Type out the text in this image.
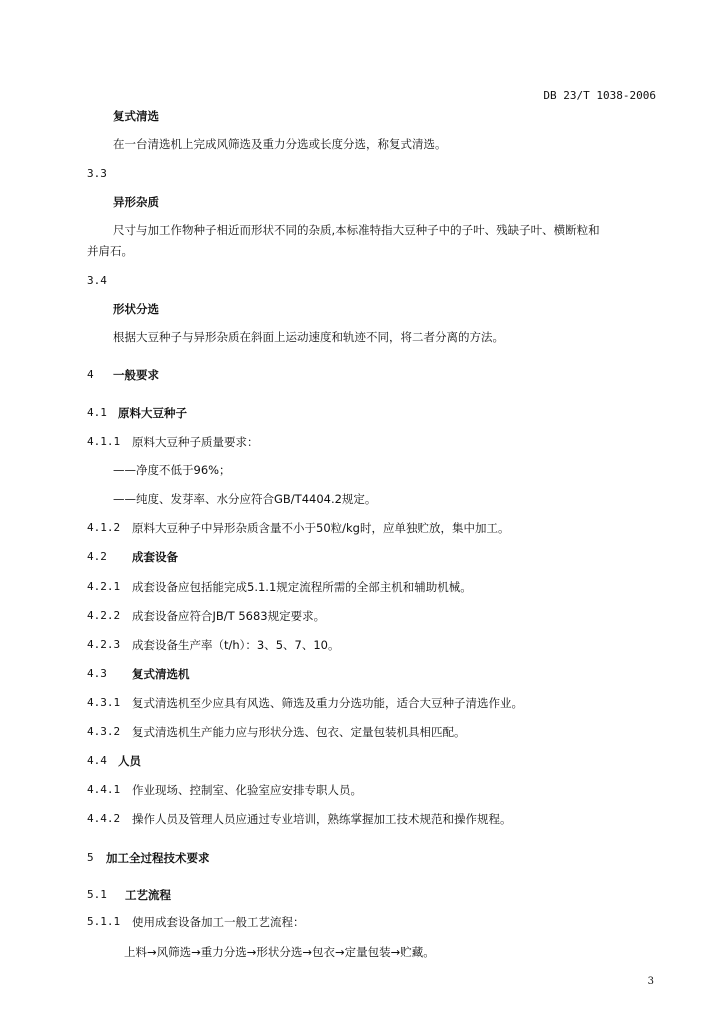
DB 23/T 1038-2006
复式清选
在一台清选机上完成风筛选及重力分选或长度分选，称复式清选。
3.3
异形杂质
尺寸与加工作物种子相近而形状不同的杂质,本标准特指大豆种子中的子叶、残缺子叶、横断粒和
并肩石。
3.4
形状分选
根据大豆种子与异形杂质在斜面上运动速度和轨迹不同，将二者分离的方法。
4 一般要求
4.1 原料大豆种子
4.1.1 原料大豆种子质量要求：
——净度不低于96%；
——纯度、发芽率、水分应符合GB/T4404.2规定。
4.1.2 原料大豆种子中异形杂质含量不小于50粒/kg时，应单独贮放，集中加工。
4.2 成套设备
4.2.1 成套设备应包括能完成5.1.1规定流程所需的全部主机和辅助机械。
4.2.2 成套设备应符合JB/T 5683规定要求。
4.2.3 成套设备生产率（t/h）：3、5、7、10。
4.3 复式清选机
4.3.1 复式清选机至少应具有风选、筛选及重力分选功能，适合大豆种子清选作业。
4.3.2 复式清选机生产能力应与形状分选、包衣、定量包装机具相匹配。
4.4 人员
4.4.1 作业现场、控制室、化验室应安排专职人员。
4.4.2 操作人员及管理人员应通过专业培训，熟练掌握加工技术规范和操作规程。
5 加工全过程技术要求
5.1 工艺流程
5.1.1 使用成套设备加工一般工艺流程：
上料→风筛选→重力分选→形状分选→包衣→定量包装→贮藏。
3
